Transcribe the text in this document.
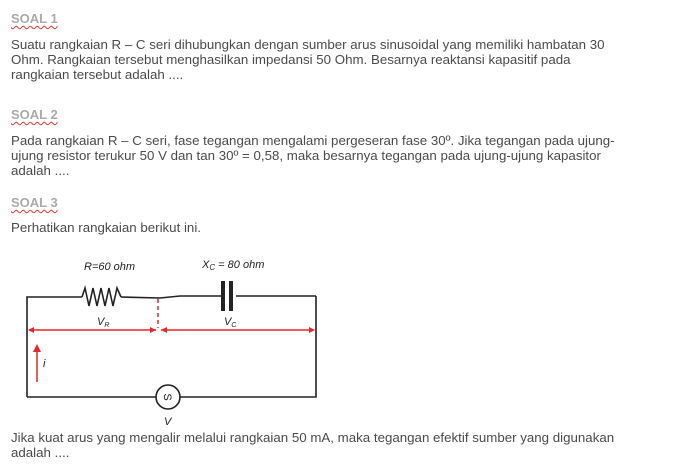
SOAL 1
Suatu rangkaian R – C seri dihubungkan dengan sumber arus sinusoidal yang memiliki hambatan 30
Ohm. Rangkaian tersebut menghasilkan impedansi 50 Ohm. Besarnya reaktansi kapasitif pada
rangkaian tersebut adalah ....
SOAL 2
Pada rangkaian R – C seri, fase tegangan mengalami pergeseran fase 30º. Jika tegangan pada ujung-
ujung resistor terukur 50 V dan tan 30º = 0,58, maka besarnya tegangan pada ujung-ujung kapasitor
adalah ....
SOAL 3
Perhatikan rangkaian berikut ini.
R=60 ohm	XC = 80 ohm
S
V
VR	VC
i
Jika kuat arus yang mengalir melalui rangkaian 50 mA, maka tegangan efektif sumber yang digunakan
adalah ....
